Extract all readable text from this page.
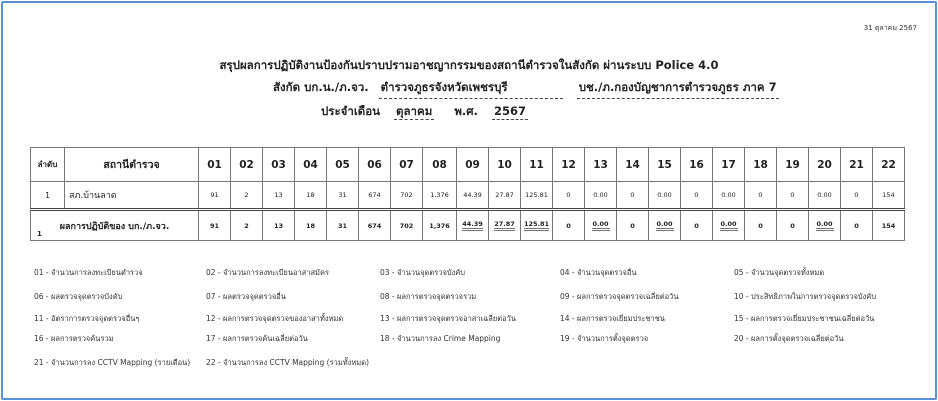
31 ตุลาคม 2567
สรุปผลการปฏิบัติงานป้องกันปราบปรามอาชญากรรมของสถานีตำรวจในสังกัด ผ่านระบบ Police 4.0
สังกัด บก.น./ภ.จว. ตำรวจภูธรจังหวัดเพชรบุรี	บช./ภ.กองบัญชาการตำรวจภูธร ภาค 7
ประจำเดือน ตุลาคม พ.ศ. 2567
ลำดับ	สถานีตำรวจ	01	02	03	04	05	06	07	08	09	10	11	12	13	14	15	16	17	18	19	20	21	22
1	สภ.บ้านลาด	91	2	13	18	31	674	702	1,376	44.39	27.87	125.81	0	0.00	0	0.00	0	0.00	0	0	0.00	0	154

1
ผลการปฏิบัติของ บก./ภ.จว.		91	2	13	18	31	674	702	1,376	44.39	27.87	125.81	0	0.00	0	0.00	0	0.00	0	0	0.00	0	154
01 - จำนวนการลงทะเบียนตำรวจ	02 - จำนวนการลงทะเบียนอาสาสมัคร	03 - จำนวนจุดตรวจบังคับ	04 - จำนวนจุดตรวจอื่น	05 - จำนวนจุดตรวจทั้งหมด
06 - ผลตรวจจุดตรวจบังคับ	07 - ผลตรวจจุดตรวจอื่น	08 - ผลการตรวจจุดตรวจรวม	09 - ผลการตรวจจุดตรวจเฉลี่ยต่อวัน	10 - ประสิทธิภาพในการตรวจจุดตรวจบังคับ
11 - อัตราการตรวจจุดตรวจอื่นๆ	12 - ผลการตรวจจุดตรวจของอาสาทั้งหมด	13 - ผลการตรวจจุดตรวจอาสาเฉลี่ยต่อวัน	14 - ผลการตรวจเยี่ยมประชาชน	15 - ผลการตรวจเยี่ยมประชาชนเฉลี่ยต่อวัน
16 - ผลการตรวจค้นรวม	17 - ผลการตรวจค้นเฉลี่ยต่อวัน	18 - จำนวนการลง Crime Mapping	19 - จำนวนการตั้งจุดตรวจ	20 - ผลการตั้งจุดตรวจเฉลี่ยต่อวัน
21 - จำนวนการลง CCTV Mapping (รายเดือน) 22 - จำนวนการลง CCTV Mapping (รวมทั้งหมด)
